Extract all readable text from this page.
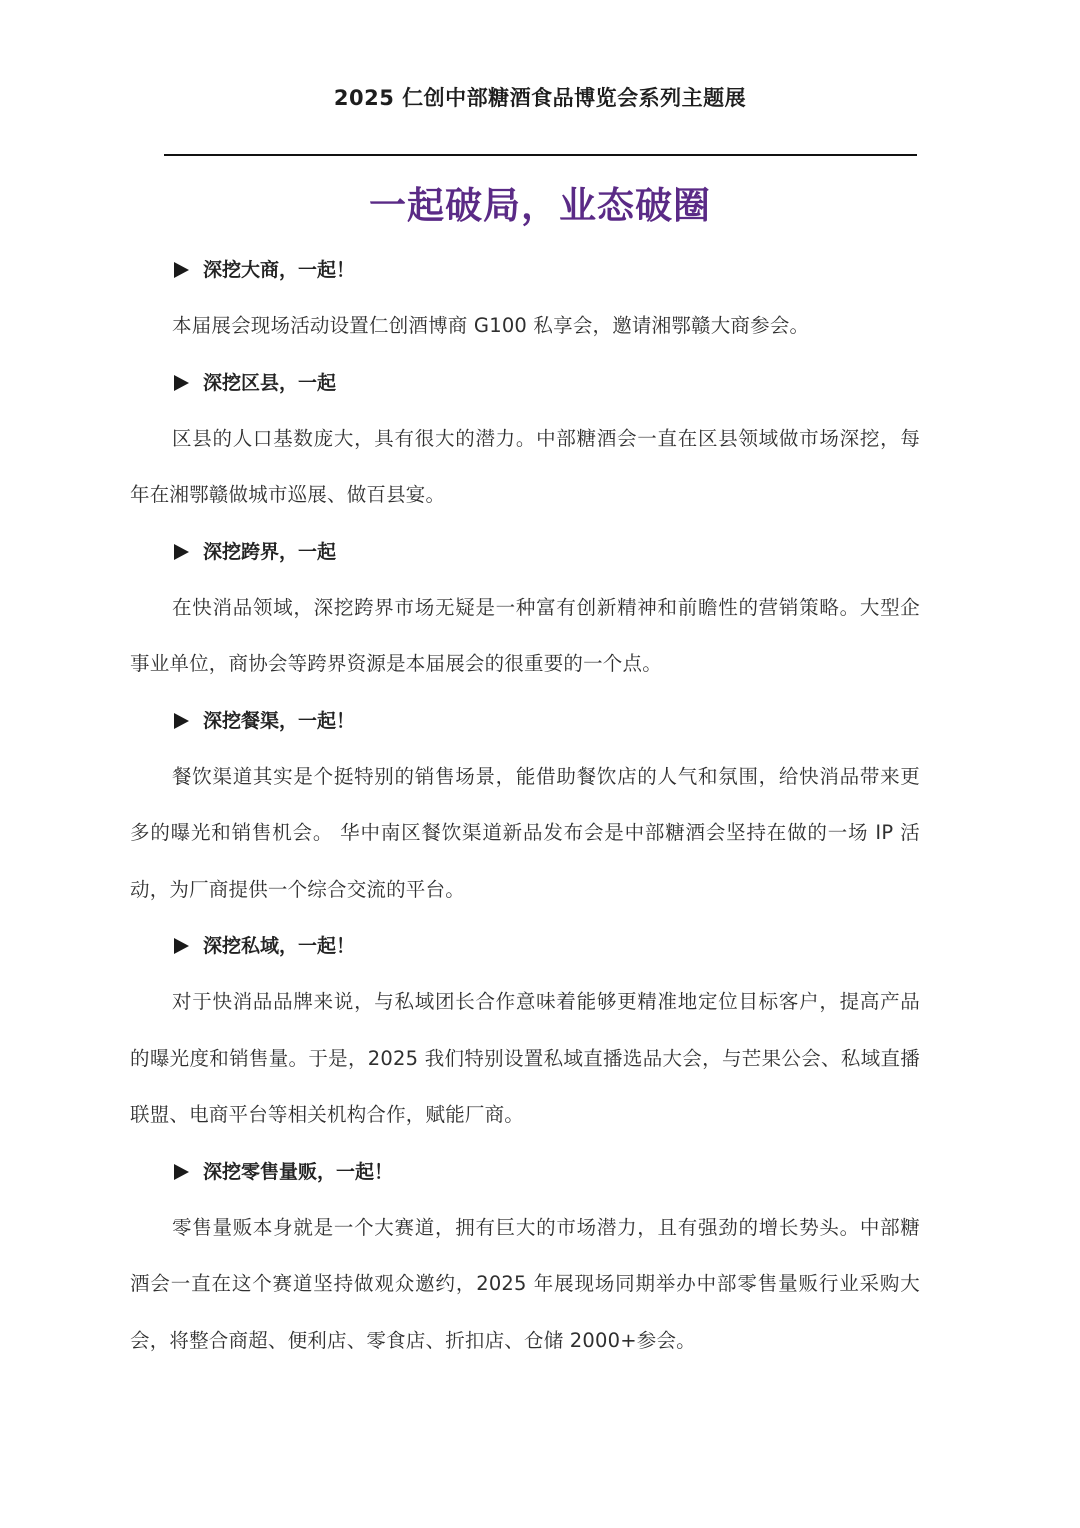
2025 仁创中部糖酒食品博览会系列主题展
一起破局，业态破圈
深挖大商，一起！

本届展会现场活动设置仁创酒博商 G100 私享会，邀请湘鄂赣大商参会。

深挖区县，一起

区县的人口基数庞大，具有很大的潜力。中部糖酒会一直在区县领域做市场深挖，每年在湘鄂赣做城市巡展、做百县宴。

深挖跨界，一起

在快消品领域，深挖跨界市场无疑是一种富有创新精神和前瞻性的营销策略。大型企事业单位，商协会等跨界资源是本届展会的很重要的一个点。

深挖餐渠，一起！

餐饮渠道其实是个挺特别的销售场景，能借助餐饮店的人气和氛围，给快消品带来更多的曝光和销售机会。 华中南区餐饮渠道新品发布会是中部糖酒会坚持在做的一场 IP 活动，为厂商提供一个综合交流的平台。

深挖私域，一起！

对于快消品品牌来说，与私域团长合作意味着能够更精准地定位目标客户，提高产品的曝光度和销售量。于是，2025 我们特别设置私域直播选品大会，与芒果公会、私域直播联盟、电商平台等相关机构合作，赋能厂商。

深挖零售量贩，一起！

零售量贩本身就是一个大赛道，拥有巨大的市场潜力，且有强劲的增长势头。中部糖酒会一直在这个赛道坚持做观众邀约，2025 年展现场同期举办中部零售量贩行业采购大会，将整合商超、便利店、零食店、折扣店、仓储 2000+参会。
